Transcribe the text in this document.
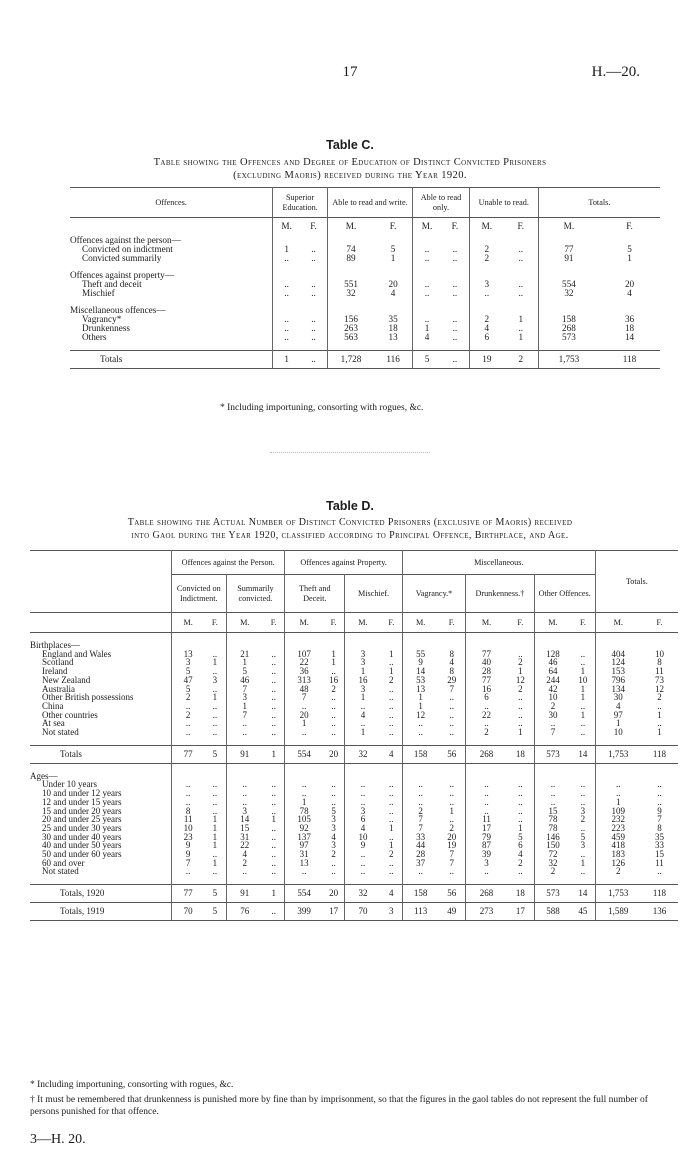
17	H.—20.
Table C.
Table showing the Offences and Degree of Education of Distinct Convicted Prisoners
(excluding Maoris) received during the Year 1920.
Offences.	Superior Education.		Able to read and write.		Able to read only.		Unable to read.		Totals.	
	M.	F.	M.	F.	M.	F.	M.	F.	M.	F.
Offences against the person—										
Convicted on indictment	1	..	74	5	..	..	2	..	77	5
Convicted summarily	..	..	89	1	..	..	2	..	91	1

Offences against property—										
Theft and deceit	..	..	551	20	..	..	3	..	554	20
Mischief	..	..	32	4	..	..	..	..	32	4

Miscellaneous offences—										
Vagrancy*	..	..	156	35	..	..	2	1	158	36
Drunkenness	..	..	263	18	1	..	4	..	268	18
Others	..	..	563	13	4	..	6	1	573	14

Totals	1	..	1,728	116	5	..	19	2	1,753	118
* Including importuning, consorting with rogues, &c.
Table D.
Table showing the Actual Number of Distinct Convicted Prisoners (exclusive of Maoris) received
into Gaol during the Year 1920, classified according to Principal Offence, Birthplace, and Age.
	Offences against the Person.				Offences against Property.				Miscellaneous.						Totals.	
	Convicted on Indictment.		Summarily convicted.		Theft and Deceit.		Mischief.		Vagrancy.*		Drunkenness.†		Other Offences.			
	M.	F.	M.	F.	M.	F.	M.	F.	M.	F.	M.	F.	M.	F.	M.	F.

Birthplaces—																
England and Wales	13	..	21	..	107	1	3	1	55	8	77	..	128	..	404	10
Scotland	3	1	1	..	22	1	3	..	9	4	40	2	46	..	124	8
Ireland	5	..	5	..	36	..	1	1	14	8	28	1	64	1	153	11
New Zealand	47	3	46	..	313	16	16	2	53	29	77	12	244	10	796	73
Australia	5	..	7	..	48	2	3	..	13	7	16	2	42	1	134	12
Other British possessions	2	1	3	..	7	..	1	..	1	..	6	..	10	1	30	2
China	..	..	1	..	..	..	..	..	1	..	..	..	2	..	4	..
Other countries	2	..	7	..	20	..	4	..	12	..	22	..	30	1	97	1
At sea	..	..	..	..	1	..	..	..	..	..	..	..	..	..	1	..
Not stated	..	..	..	..	..	..	1	..	..	..	2	1	7	..	10	1

Totals	77	5	91	1	554	20	32	4	158	56	268	18	573	14	1,753	118

Ages—																
Under 10 years	..	..	..	..	..	..	..	..	..	..	..	..	..	..	..	..
10 and under 12 years	..	..	..	..	..	..	..	..	..	..	..	..	..	..	..	..
12 and under 15 years	..	..	..	..	1	..	..	..	..	..	..	..	..	..	1	..
15 and under 20 years	8	..	3	..	78	5	3	..	2	1	..	..	15	3	109	9
20 and under 25 years	11	1	14	1	105	3	6	..	7	..	11	..	78	2	232	7
25 and under 30 years	10	1	15	..	92	3	4	1	7	2	17	1	78	..	223	8
30 and under 40 years	23	1	31	..	137	4	10	..	33	20	79	5	146	5	459	35
40 and under 50 years	9	1	22	..	97	3	9	1	44	19	87	6	150	3	418	33
50 and under 60 years	9	..	4	..	31	2	..	2	28	7	39	4	72	..	183	15
60 and over	7	1	2	..	13	..	..	..	37	7	3	2	32	1	126	11
Not stated	..	..	..	..	..	..	..	..	..	..	..	..	2	..	2	..

Totals, 1920	77	5	91	1	554	20	32	4	158	56	268	18	573	14	1,753	118
Totals, 1919	70	5	76	..	399	17	70	3	113	49	273	17	588	45	1,589	136
* Including importuning, consorting with rogues, &c.
† It must be remembered that drunkenness is punished more by fine than by imprisonment, so that the figures in the gaol tables do not represent the full number of persons punished for that offence.
3—H. 20.
